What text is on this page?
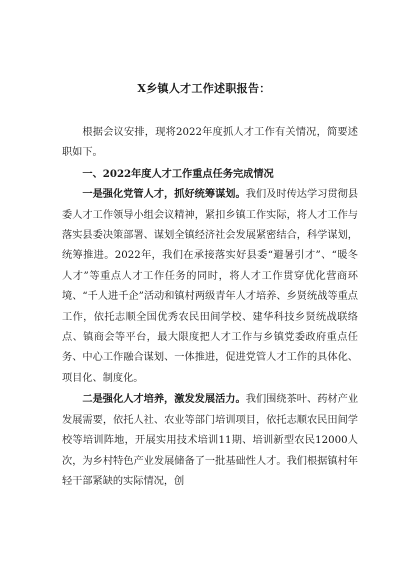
X乡镇人才工作述职报告：

根据会议安排，现将2022年度抓人才工作有关情况，简要述职如下。

一、2022年度人才工作重点任务完成情况

一是强化党管人才，抓好统筹谋划。我们及时传达学习贯彻县委人才工作领导小组会议精神，紧扣乡镇工作实际，将人才工作与落实县委决策部署、谋划全镇经济社会发展紧密结合，科学谋划，统筹推进。2022年，我们在承接落实好县委“避暑引才”、“暖冬人才”等重点人才工作任务的同时，将人才工作贯穿优化营商环境、“千人进千企”活动和镇村两级青年人才培养、乡贤统战等重点工作，依托志顺全国优秀农民田间学校、建华科技乡贤统战联络点、镇商会等平台，最大限度把人才工作与乡镇党委政府重点任务、中心工作融合谋划、一体推进，促进党管人才工作的具体化、项目化、制度化。

二是强化人才培养，激发发展活力。我们围绕茶叶、药材产业发展需要，依托人社、农业等部门培训项目，依托志顺农民田间学校等培训阵地，开展实用技术培训11期、培训新型农民12000人次，为乡村特色产业发展储备了一批基础性人才。我们根据镇村年轻干部紧缺的实际情况，创
